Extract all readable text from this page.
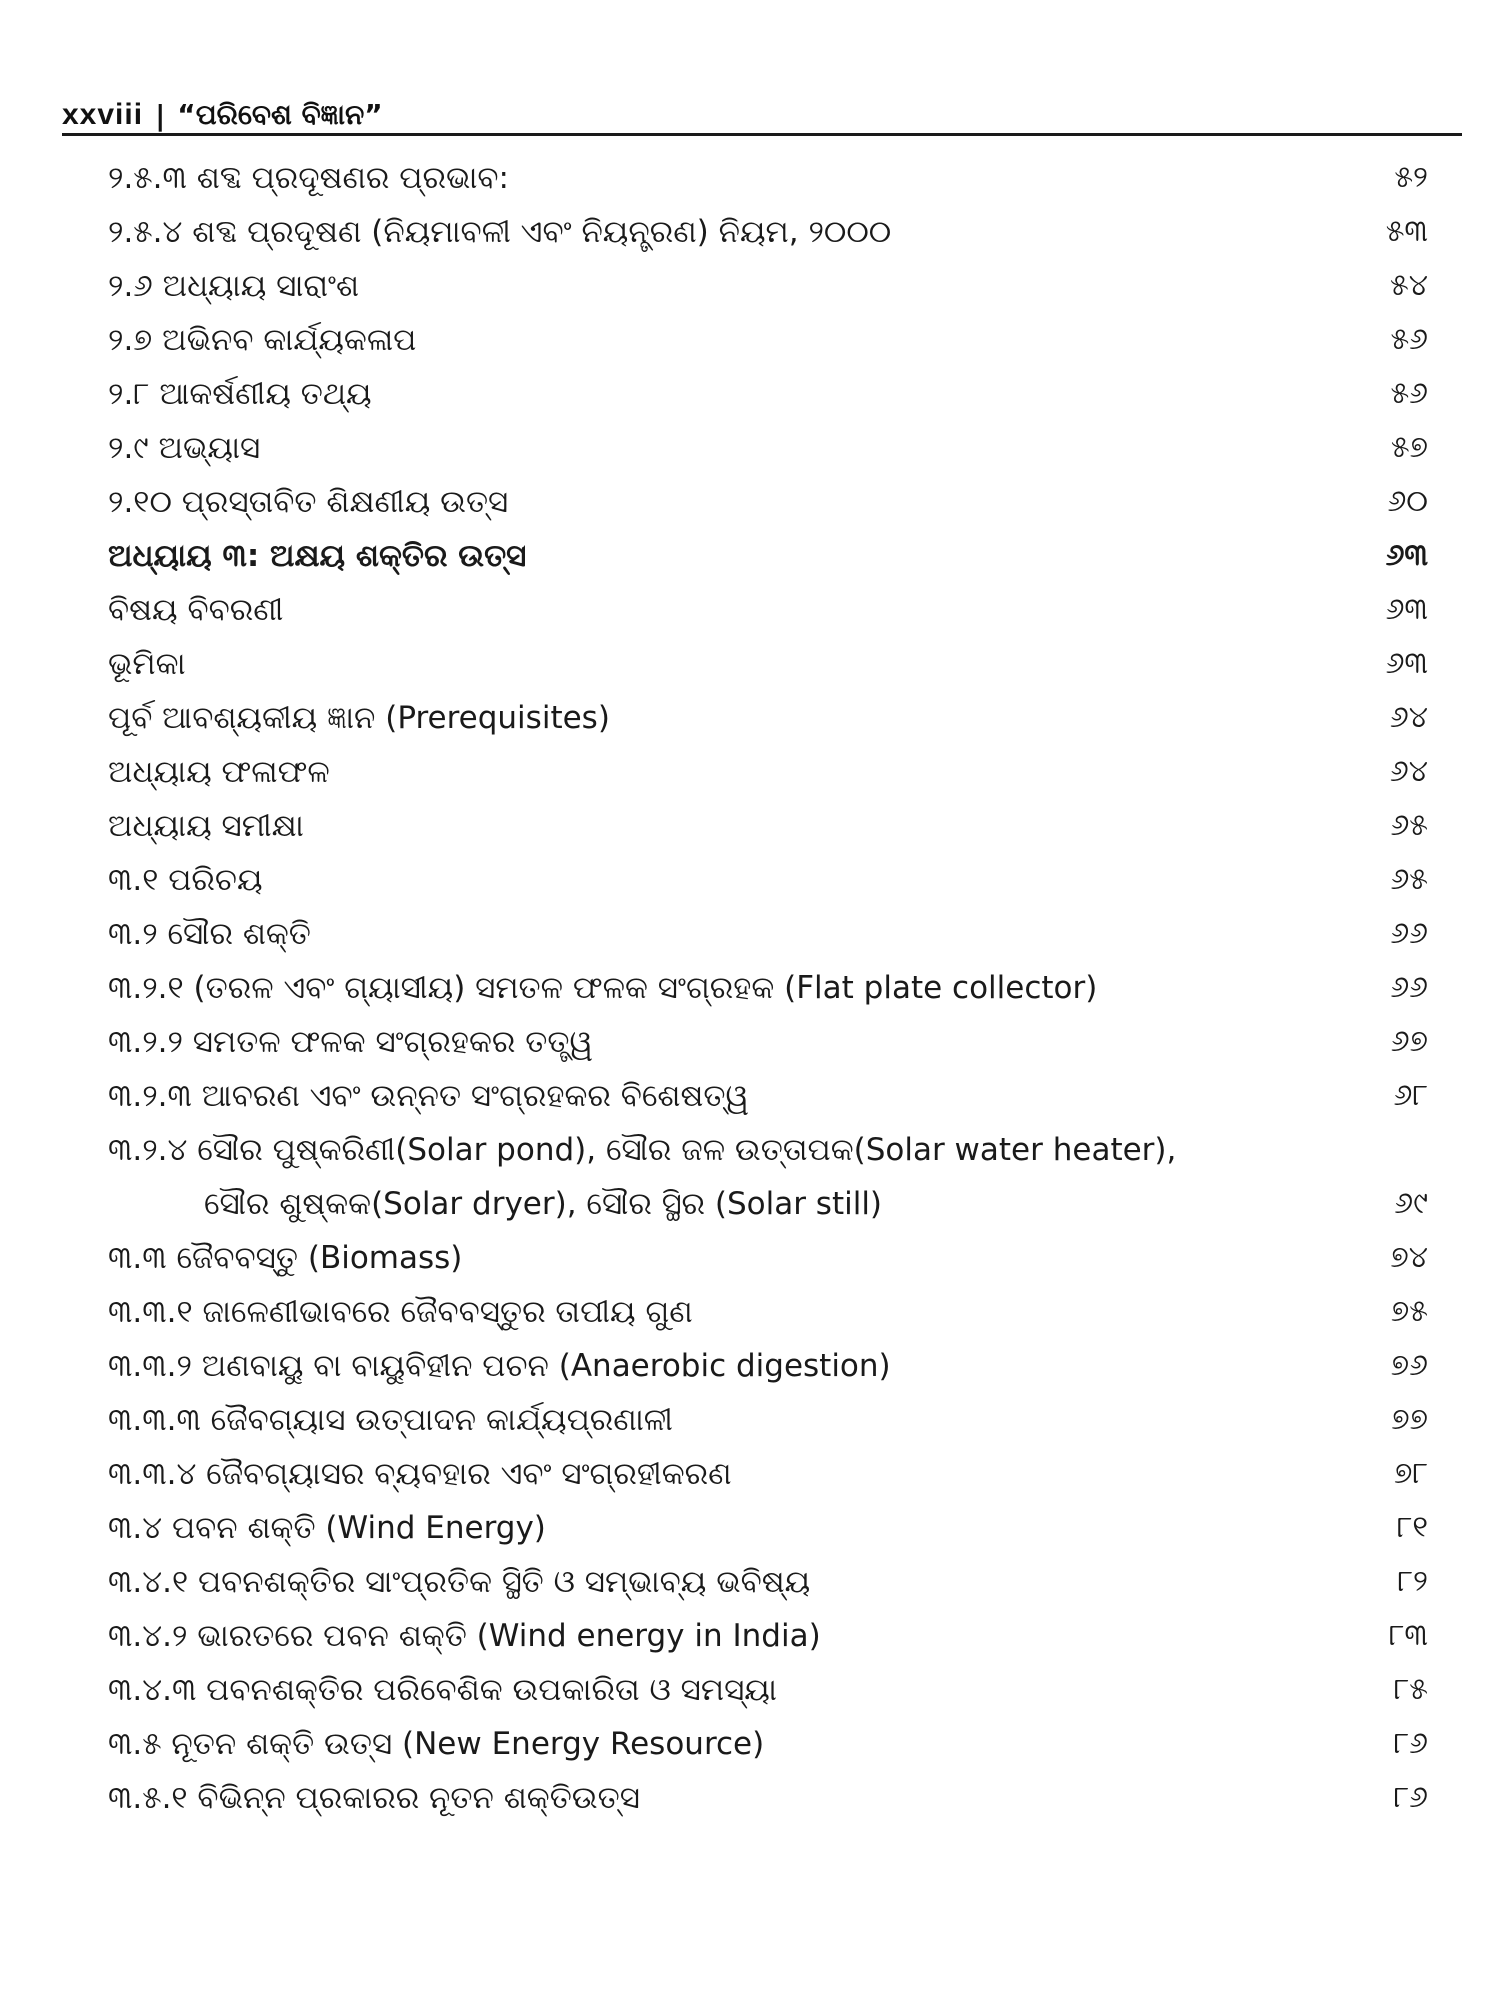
xxviii | “ପରିବେଶ ବିଜ୍ଞାନ”
୨.୫.୩ ଶବ୍ଦ ପ୍ରଦୂଷଣର ପ୍ରଭାବ:	୫୨
୨.୫.୪ ଶବ୍ଦ ପ୍ରଦୂଷଣ (ନିୟମାବଳୀ ଏବଂ ନିୟନ୍ତ୍ରଣ) ନିୟମ, ୨୦୦୦	୫୩
୨.୬ ଅଧ୍ୟାୟ ସାରାଂଶ	୫୪
୨.୭ ଅଭିନବ କାର୍ଯ୍ୟକଳାପ	୫୬
୨.୮ ଆକର୍ଷଣୀୟ ତଥ୍ୟ	୫୬
୨.୯ ଅଭ୍ୟାସ	୫୭
୨.୧୦ ପ୍ରସ୍ତାବିତ ଶିକ୍ଷଣୀୟ ଉତ୍ସ	୬୦
ଅଧ୍ୟାୟ ୩: ଅକ୍ଷୟ ଶକ୍ତିର ଉତ୍ସ	୬୩
ବିଷୟ ବିବରଣୀ	୬୩
ଭୂମିକା	୬୩
ପୂର୍ବ ଆବଶ୍ୟକୀୟ ଜ୍ଞାନ (Prerequisites)	୬୪
ଅଧ୍ୟାୟ ଫଳାଫଳ	୬୪
ଅଧ୍ୟାୟ ସମୀକ୍ଷା	୬୫
୩.୧ ପରିଚୟ	୬୫
୩.୨ ସୌର ଶକ୍ତି	୬୬
୩.୨.୧ (ତରଳ ଏବଂ ଗ୍ୟାସୀୟ) ସମତଳ ଫଳକ ସଂଗ୍ରହକ (Flat plate collector)	୬୬
୩.୨.୨ ସମତଳ ଫଳକ ସଂଗ୍ରହକର ତତ୍ତ୍ୱ	୬୭
୩.୨.୩ ଆବରଣ ଏବଂ ଉନ୍ନତ ସଂଗ୍ରହକର ବିଶେଷତ୍ୱ	୬୮
୩.୨.୪ ସୌର ପୁଷ୍କରିଣୀ(Solar pond), ସୌର ଜଳ ଉତ୍ତାପକ(Solar water heater),
ସୌର ଶୁଷ୍କକ(Solar dryer), ସୌର ସ୍ଥିର (Solar still)	୬୯
୩.୩ ଜୈବବସ୍ତୁ (Biomass)	୭୪
୩.୩.୧ ଜାଳେଣୀଭାବରେ ଜୈବବସ୍ତୁର ତାପୀୟ ଗୁଣ	୭୫
୩.୩.୨ ଅଣବାୟୁ ବା ବାୟୁବିହୀନ ପଚନ (Anaerobic digestion)	୭୬
୩.୩.୩ ଜୈବଗ୍ୟାସ ଉତ୍ପାଦନ କାର୍ଯ୍ୟପ୍ରଣାଳୀ	୭୭
୩.୩.୪ ଜୈବଗ୍ୟାସର ବ୍ୟବହାର ଏବଂ ସଂଗ୍ରହୀକରଣ	୭୮
୩.୪ ପବନ ଶକ୍ତି (Wind Energy)	୮୧
୩.୪.୧ ପବନଶକ୍ତିର ସାଂପ୍ରତିକ ସ୍ଥିତି ଓ ସମ୍ଭାବ୍ୟ ଭବିଷ୍ୟ	୮୨
୩.୪.୨ ଭାରତରେ ପବନ ଶକ୍ତି (Wind energy in India)	୮୩
୩.୪.୩ ପବନଶକ୍ତିର ପରିବେଶିକ ଉପକାରିତା ଓ ସମସ୍ୟା	୮୫
୩.୫ ନୂତନ ଶକ୍ତି ଉତ୍ସ (New Energy Resource)	୮୬
୩.୫.୧ ବିଭିନ୍ନ ପ୍ରକାରର ନୂତନ ଶକ୍ତିଉତ୍ସ	୮୬
